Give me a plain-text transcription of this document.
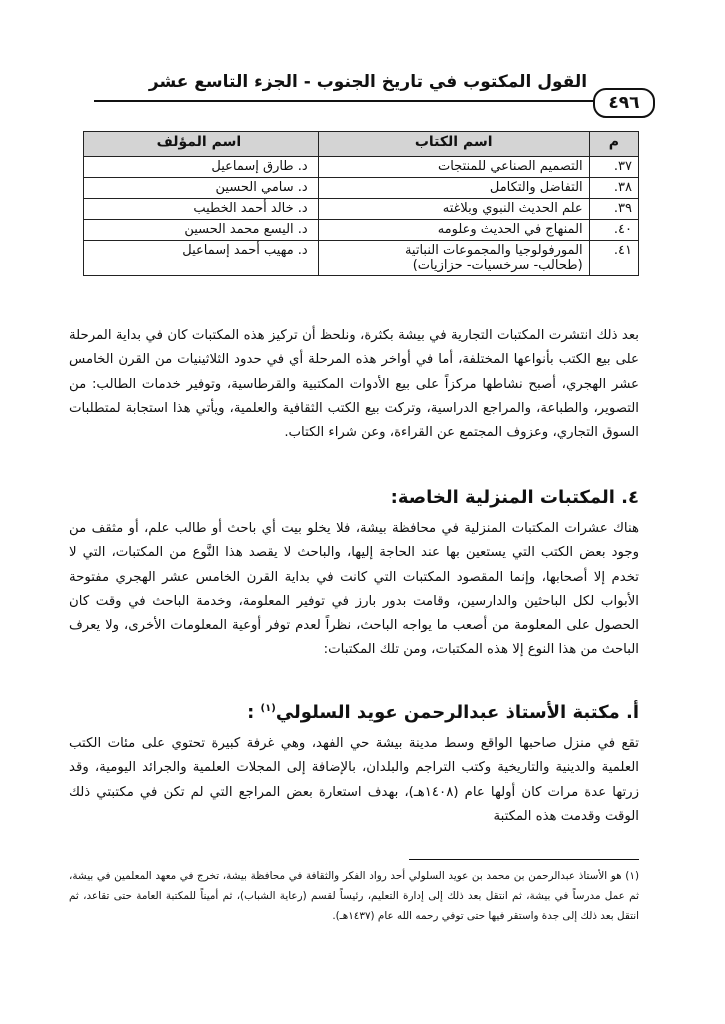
القول المكتوب في تاريخ الجنوب - الجزء التاسع عشر
٤٩٦
م	اسم الكتاب	اسم المؤلف
٣٧.	التصميم الصناعي للمنتجات	د. طارق إسماعيل
٣٨.	التفاضل والتكامل	د. سامي الحسين
٣٩.	علم الحديث النبوي وبلاغته	د. خالد أحمد الخطيب
٤٠.	المنهاج في الحديث وعلومه	د. اليسع محمد الحسين
٤١.	المورفولوجيا والمجموعات النباتية
(طحالب- سرخسيات- حزازيات)	د. مهيب أحمد إسماعيل

بعد ذلك انتشرت المكتبات التجارية في بيشة بكثرة، ونلحظ أن تركيز هذه المكتبات كان في بداية المرحلة على بيع الكتب بأنواعها المختلفة، أما في أواخر هذه المرحلة أي في حدود الثلاثينيات من القرن الخامس عشر الهجري، أصبح نشاطها مركزاً على بيع الأدوات المكتبية والقرطاسية، وتوفير خدمات الطالب: من التصوير، والطباعة، والمراجع الدراسية، وتركت بيع الكتب الثقافية والعلمية، ويأتي هذا استجابة لمتطلبات السوق التجاري، وعزوف المجتمع عن القراءة، وعن شراء الكتاب.

٤. المكتبات المنزلية الخاصة:

هناك عشرات المكتبات المنزلية في محافظة بيشة، فلا يخلو بيت أي باحث أو طالب علم، أو مثقف من وجود بعض الكتب التي يستعين بها عند الحاجة إليها، والباحث لا يقصد هذا النَّوع من المكتبات، التي لا تخدم إلا أصحابها، وإنما المقصود المكتبات التي كانت في بداية القرن الخامس عشر الهجري مفتوحة الأبواب لكل الباحثين والدارسين، وقامت بدور بارز في توفير المعلومة، وخدمة الباحث في وقت كان الحصول على المعلومة من أصعب ما يواجه الباحث، نظراً لعدم توفر أوعية المعلومات الأخرى، ولا يعرف الباحث من هذا النوع إلا هذه المكتبات، ومن تلك المكتبات:

أ. مكتبة الأستاذ عبدالرحمن عويد السلولي$^{(١)}$ :

تقع في منزل صاحبها الواقع وسط مدينة بيشة حي الفهد، وهي غرفة كبيرة تحتوي على مئات الكتب العلمية والدينية والتاريخية وكتب التراجم والبلدان، بالإضافة إلى المجلات العلمية والجرائد اليومية، وقد زرتها عدة مرات كان أولها عام (١٤٠٨هـ)، بهدف استعارة بعض المراجع التي لم تكن في مكتبتي ذلك الوقت وقدمت هذه المكتبة

(١) هو الأستاذ عبدالرحمن بن محمد بن عويد السلولي أحد رواد الفكر والثقافة في محافظة بيشة، تخرج في معهد المعلمين في بيشة، ثم عمل مدرساً في بيشة، ثم انتقل بعد ذلك إلى إدارة التعليم، رئيساً لقسم (رعاية الشباب)، ثم أميناً للمكتبة العامة حتى تقاعد، ثم انتقل بعد ذلك إلى جدة واستقر فيها حتى توفي رحمه الله عام (١٤٣٧هـ).
